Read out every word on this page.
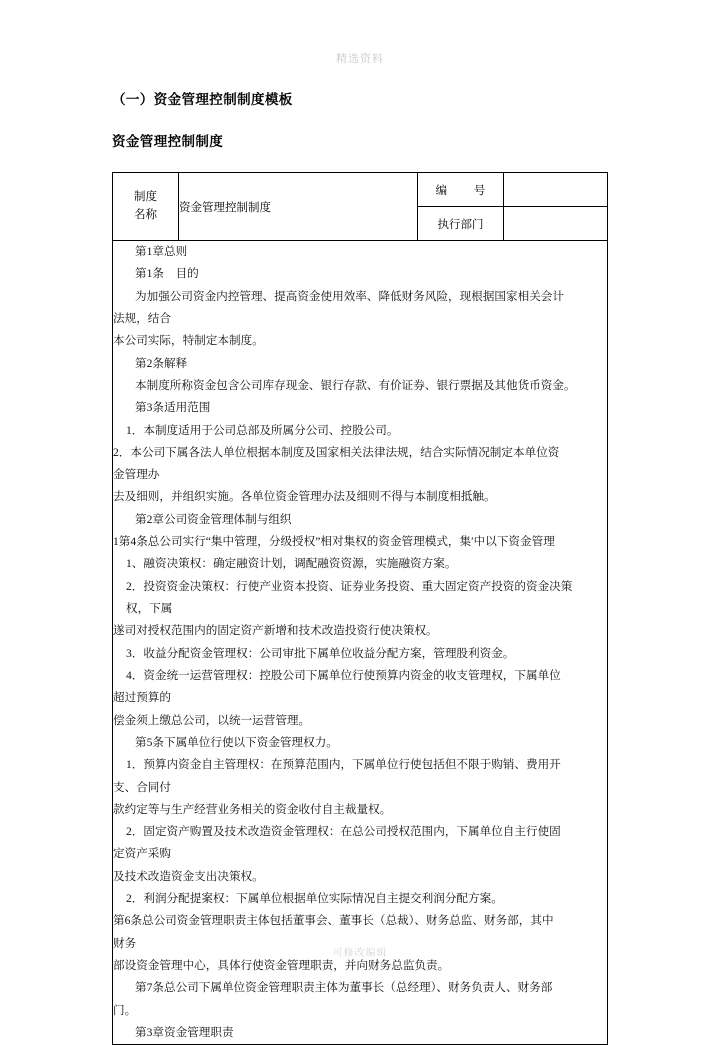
精选资料
（一）资金管理控制制度模板
资金管理控制制度
制度
名称	资金管理控制制度	编 号	
		执行部门	

第1章总则
第1条　目的
为加强公司资金内控管理、提高资金使用效率、降低财务风险，现根据国家相关会计
法规，结合
本公司实际，特制定本制度。
第2条解释
本制度所称资金包含公司库存现金、银行存款、有价证券、银行票据及其他货币资金。
第3条适用范围
1．本制度适用于公司总部及所属分公司、控股公司。
2．本公司下属各法人单位根据本制度及国家相关法律法规，结合实际情况制定本单位资
金管理办
去及细则，并组织实施。各单位资金管理办法及细则不得与本制度相抵触。
第2章公司资金管理体制与组织
1第4条总公司实行“集中管理，分级授权”相对集权的资金管理模式，集′中以下资金管理
1、融资决策权：确定融资计划，调配融资资源，实施融资方案。
2．投资资金决策权：行使产业资本投资、证券业务投资、重大固定资产投资的资金决策
权，下属
遂司对授权范围内的固定资产新增和技术改造投资行使决策权。
3．收益分配资金管理权：公司审批下属单位收益分配方案，管理股利资金。
4．资金统一运营管理权：控股公司下属单位行使预算内资金的收支管理权，下属单位
超过预算的
偿金须上缴总公司，以统一运营管理。
第5条下属单位行使以下资金管理权力。
1．预算内资金自主管理权：在预算范围内，下属单位行使包括但不限于购销、费用开
支、合同付
款约定等与生产经营业务相关的资金收付自主裁量权。
2．固定资产购置及技术改造资金管理权：在总公司授权范围内，下属单位自主行使固
定资产采购
及技术改造资金支出决策权。
2．利润分配提案权：下属单位根据单位实际情况自主提交利润分配方案。
第6条总公司资金管理职责主体包括董事会、董事长（总裁）、财务总监、财务部，其中
财务
部设资金管理中心，具体行使资金管理职责，并向财务总监负责。
第7条总公司下属单位资金管理职责主体为董事长（总经理）、财务负责人、财务部
门。
第3章资金管理职责
可修改编辑
